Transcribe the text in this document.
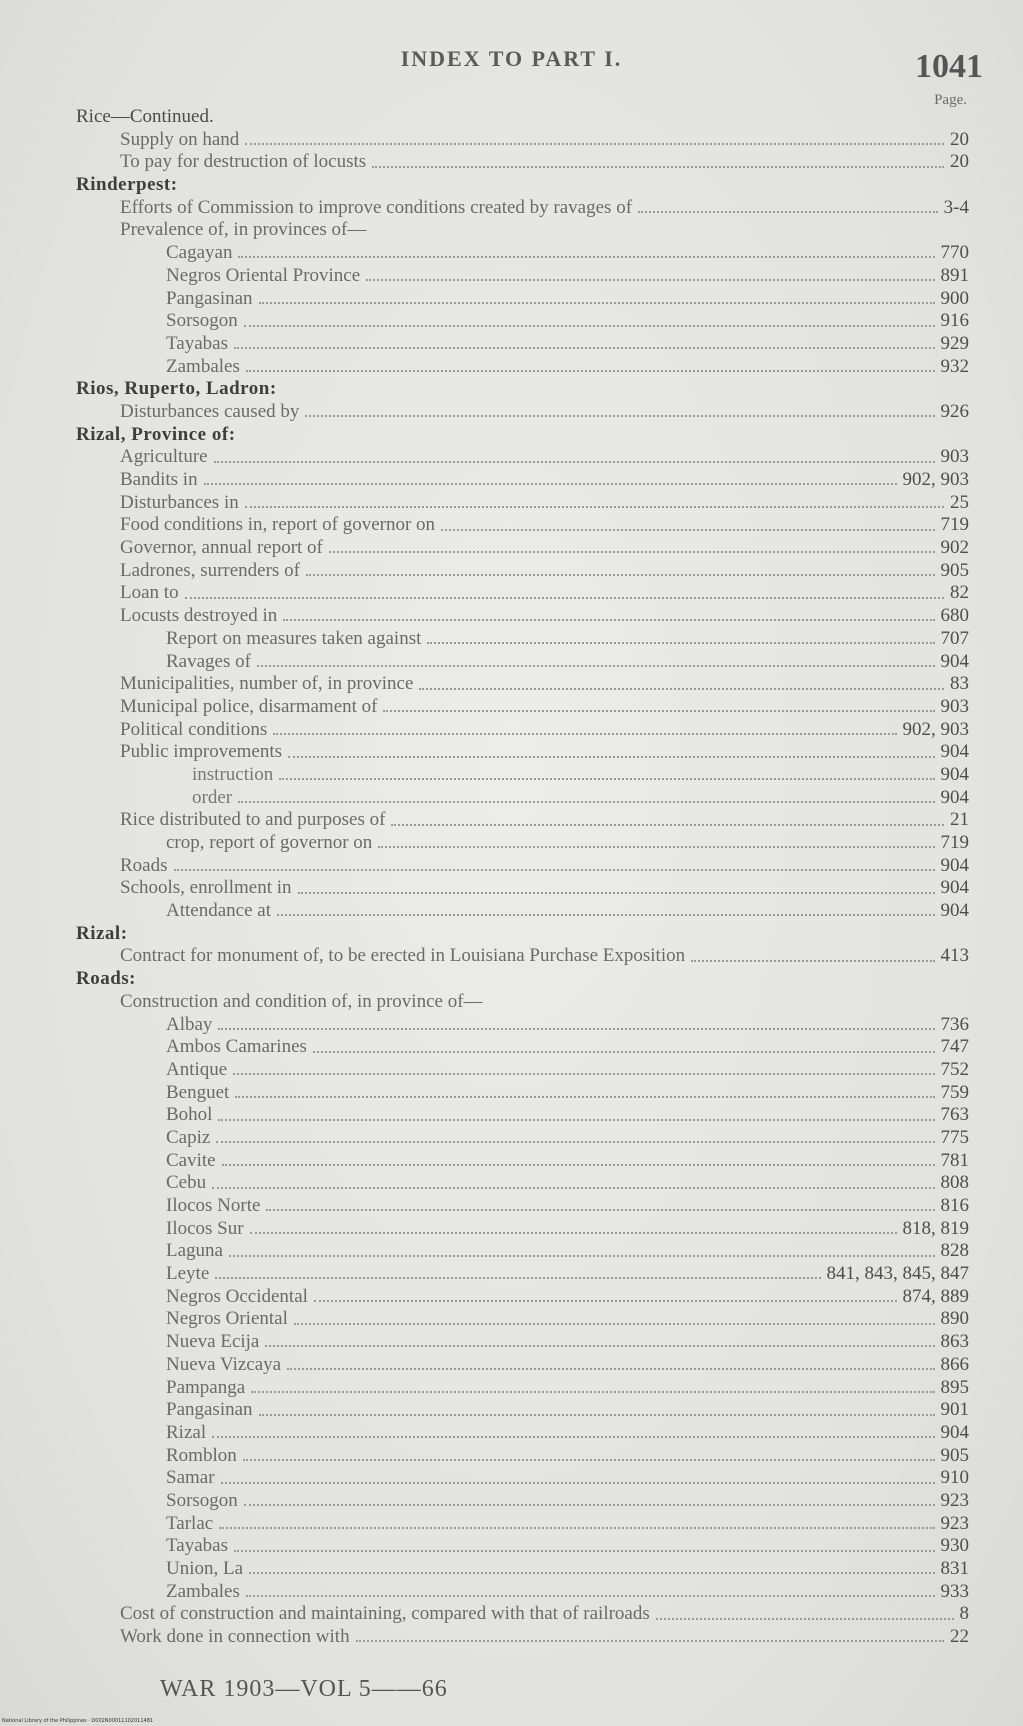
INDEX TO PART I.	1041
Page.
Rice—Continued.
Supply on hand	20
To pay for destruction of locusts	20
Rinderpest:
Efforts of Commission to improve conditions created by ravages of	3-4
Prevalence of, in provinces of—
Cagayan	770
Negros Oriental Province	891
Pangasinan	900
Sorsogon	916
Tayabas	929
Zambales	932
Rios, Ruperto, Ladron:
Disturbances caused by	926
Rizal, Province of:
Agriculture	903
Bandits in	902, 903
Disturbances in	25
Food conditions in, report of governor on	719
Governor, annual report of	902
Ladrones, surrenders of	905
Loan to	82
Locusts destroyed in	680
Report on measures taken against	707
Ravages of	904
Municipalities, number of, in province	83
Municipal police, disarmament of	903
Political conditions	902, 903
Public improvements	904
instruction	904
order	904
Rice distributed to and purposes of	21
crop, report of governor on	719
Roads	904
Schools, enrollment in	904
Attendance at	904
Rizal:
Contract for monument of, to be erected in Louisiana Purchase Exposition	413
Roads:
Construction and condition of, in province of—
Albay	736
Ambos Camarines	747
Antique	752
Benguet	759
Bohol	763
Capiz	775
Cavite	781
Cebu	808
Ilocos Norte	816
Ilocos Sur	818, 819
Laguna	828
Leyte	841, 843, 845, 847
Negros Occidental	874, 889
Negros Oriental	890
Nueva Ecija	863
Nueva Vizcaya	866
Pampanga	895
Pangasinan	901
Rizal	904
Romblon	905
Samar	910
Sorsogon	923
Tarlac	923
Tayabas	930
Union, La	831
Zambales	933
Cost of construction and maintaining, compared with that of railroads	8
Work done in connection with	22
WAR 1903—VOL 5——66
National Library of the Philippines · D002N00011102011481
